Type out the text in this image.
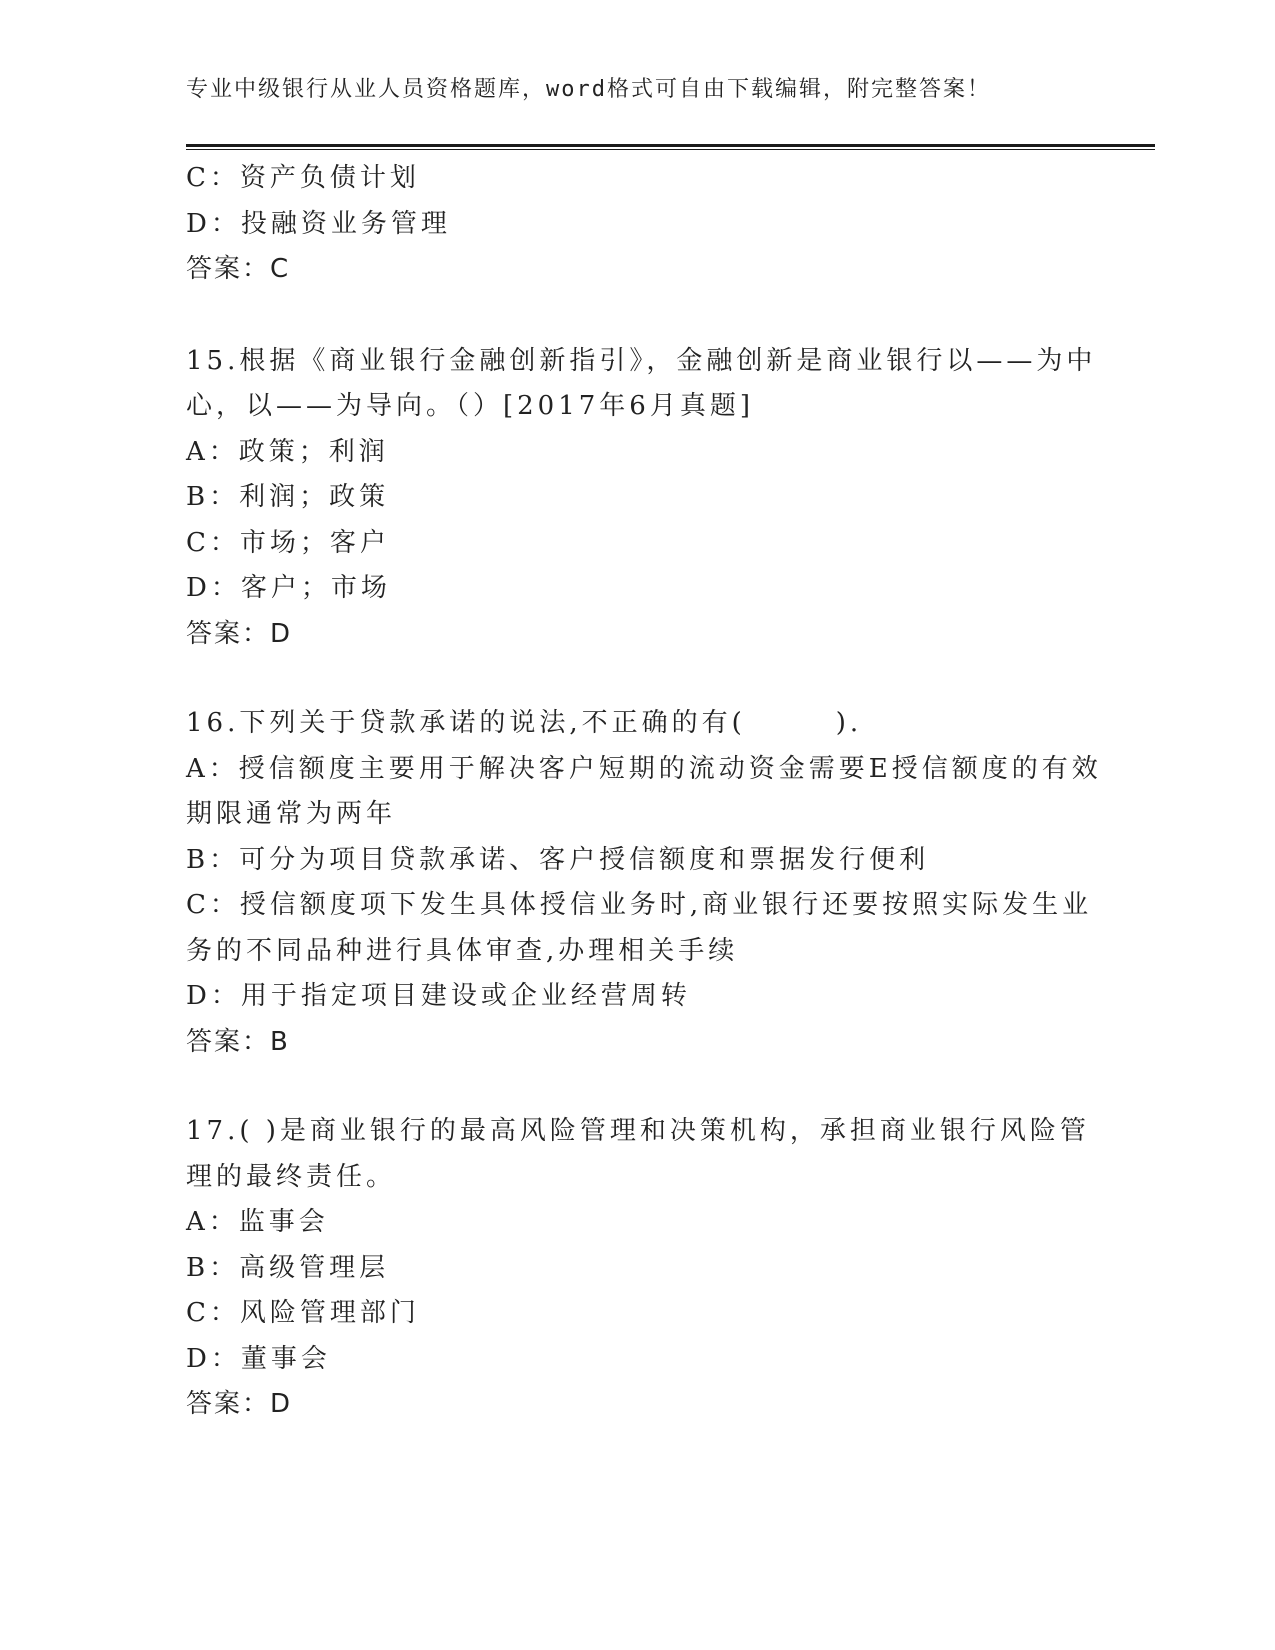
专业中级银行从业人员资格题库，word格式可自由下载编辑，附完整答案！
C：资产负债计划
D：投融资业务管理
答案：C
15.根据《商业银行金融创新指引》，金融创新是商业银行以——为中
心，以——为导向。（）[2017年6月真题]
A：政策；利润
B：利润；政策
C：市场；客户
D：客户；市场
答案：D
16.下列关于贷款承诺的说法,不正确的有(　　　).
A：授信额度主要用于解决客户短期的流动资金需要E授信额度的有效
期限通常为两年
B：可分为项目贷款承诺、客户授信额度和票据发行便利
C：授信额度项下发生具体授信业务时,商业银行还要按照实际发生业
务的不同品种进行具体审查,办理相关手续
D：用于指定项目建设或企业经营周转
答案：B
17.( )是商业银行的最高风险管理和决策机构，承担商业银行风险管
理的最终责任。
A：监事会
B：高级管理层
C：风险管理部门
D：董事会
答案：D
